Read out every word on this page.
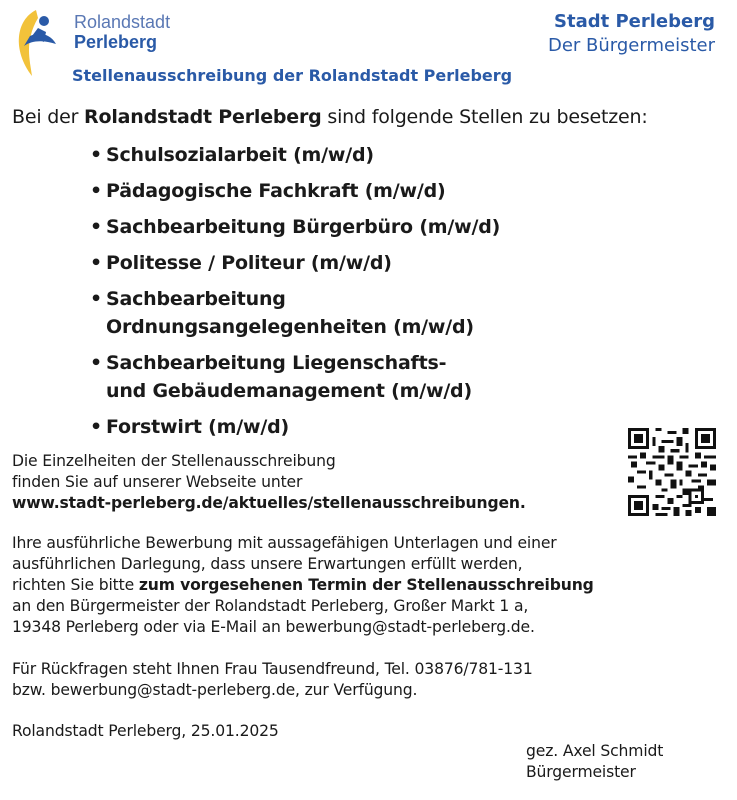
Rolandstadt
Perleberg
Stadt Perleberg
Der Bürgermeister
Stellenausschreibung der Rolandstadt Perleberg
Bei der Rolandstadt Perleberg sind folgende Stellen zu besetzen:
• Schulsozialarbeit (m/w/d)
• Pädagogische Fachkraft (m/w/d)
• Sachbearbeitung Bürgerbüro (m/w/d)
• Politesse / Politeur (m/w/d)
• Sachbearbeitung
Ordnungsangelegenheiten (m/w/d)
• Sachbearbeitung Liegenschafts-
und Gebäudemanagement (m/w/d)
• Forstwirt (m/w/d)
Die Einzelheiten der Stellenausschreibung
finden Sie auf unserer Webseite unter
www.stadt-perleberg.de/aktuelles/stellenausschreibungen.
Ihre ausführliche Bewerbung mit aussagefähigen Unterlagen und einer
ausführlichen Darlegung, dass unsere Erwartungen erfüllt werden,
richten Sie bitte zum vorgesehenen Termin der Stellenausschreibung
an den Bürgermeister der Rolandstadt Perleberg, Großer Markt 1 a,
19348 Perleberg oder via E-Mail an bewerbung@stadt-perleberg.de.
Für Rückfragen steht Ihnen Frau Tausendfreund, Tel. 03876/781-131
bzw. bewerbung@stadt-perleberg.de, zur Verfügung.
Rolandstadt Perleberg, 25.01.2025
gez. Axel Schmidt
Bürgermeister
